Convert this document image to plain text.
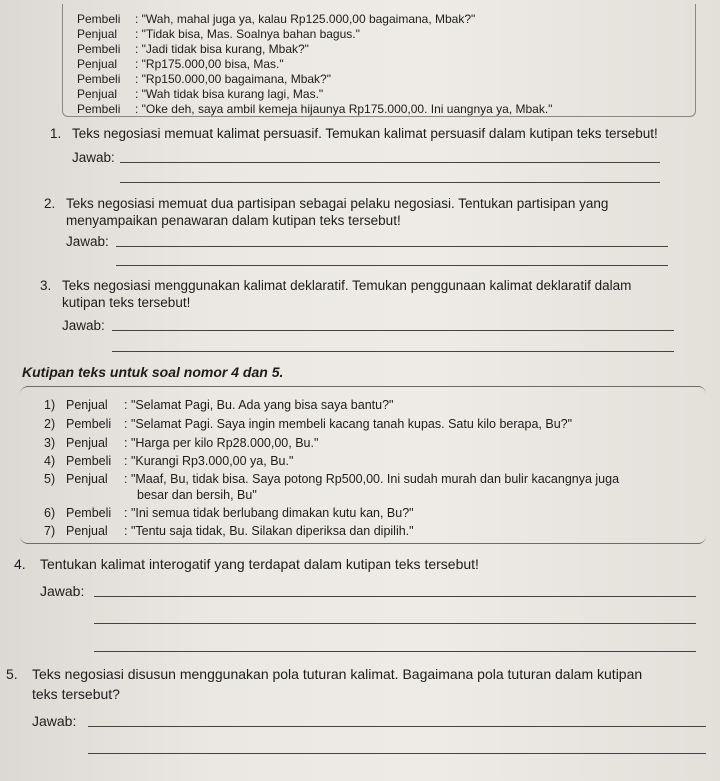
Pembeli : "Wah, mahal juga ya, kalau Rp125.000,00 bagaimana, Mbak?"
Penjual : "Tidak bisa, Mas. Soalnya bahan bagus."
Pembeli : "Jadi tidak bisa kurang, Mbak?"
Penjual : "Rp175.000,00 bisa, Mas."
Pembeli : "Rp150.000,00 bagaimana, Mbak?"
Penjual : "Wah tidak bisa kurang lagi, Mas."
Pembeli : "Oke deh, saya ambil kemeja hijaunya Rp175.000,00. Ini uangnya ya, Mbak."
1. Teks negosiasi memuat kalimat persuasif. Temukan kalimat persuasif dalam kutipan teks tersebut!
Jawab:
2. Teks negosiasi memuat dua partisipan sebagai pelaku negosiasi. Tentukan partisipan yang
menyampaikan penawaran dalam kutipan teks tersebut!
Jawab:
3. Teks negosiasi menggunakan kalimat deklaratif. Temukan penggunaan kalimat deklaratif dalam
kutipan teks tersebut!
Jawab:
Kutipan teks untuk soal nomor 4 dan 5.
1) Penjual : "Selamat Pagi, Bu. Ada yang bisa saya bantu?"
2) Pembeli : "Selamat Pagi. Saya ingin membeli kacang tanah kupas. Satu kilo berapa, Bu?"
3) Penjual : "Harga per kilo Rp28.000,00, Bu."
4) Pembeli : "Kurangi Rp3.000,00 ya, Bu."
5) Penjual : "Maaf, Bu, tidak bisa. Saya potong Rp500,00. Ini sudah murah dan bulir kacangnya juga
besar dan bersih, Bu"
6) Pembeli : "Ini semua tidak berlubang dimakan kutu kan, Bu?"
7) Penjual : "Tentu saja tidak, Bu. Silakan diperiksa dan dipilih."
4. Tentukan kalimat interogatif yang terdapat dalam kutipan teks tersebut!
Jawab:
5. Teks negosiasi disusun menggunakan pola tuturan kalimat. Bagaimana pola tuturan dalam kutipan
teks tersebut?
Jawab:
